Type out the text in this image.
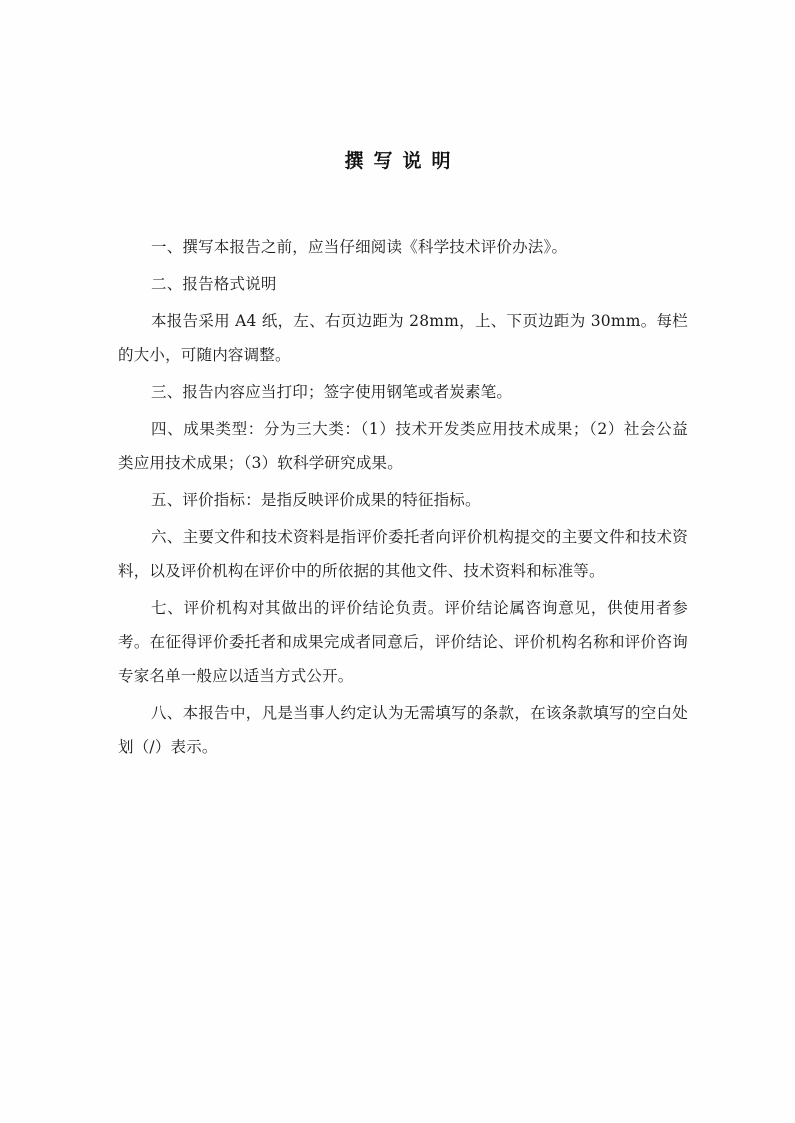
撰写说明

一、撰写本报告之前，应当仔细阅读《科学技术评价办法》。

二、报告格式说明

本报告采用 A4 纸，左、右页边距为 28mm，上、下页边距为 30mm。每栏的大小，可随内容调整。

三、报告内容应当打印；签字使用钢笔或者炭素笔。

四、成果类型：分为三大类：（1）技术开发类应用技术成果；（2）社会公益类应用技术成果；（3）软科学研究成果。

五、评价指标：是指反映评价成果的特征指标。

六、主要文件和技术资料是指评价委托者向评价机构提交的主要文件和技术资料，以及评价机构在评价中的所依据的其他文件、技术资料和标准等。

七、评价机构对其做出的评价结论负责。评价结论属咨询意见，供使用者参考。在征得评价委托者和成果完成者同意后，评价结论、评价机构名称和评价咨询专家名单一般应以适当方式公开。

八、本报告中，凡是当事人约定认为无需填写的条款，在该条款填写的空白处划（/）表示。
